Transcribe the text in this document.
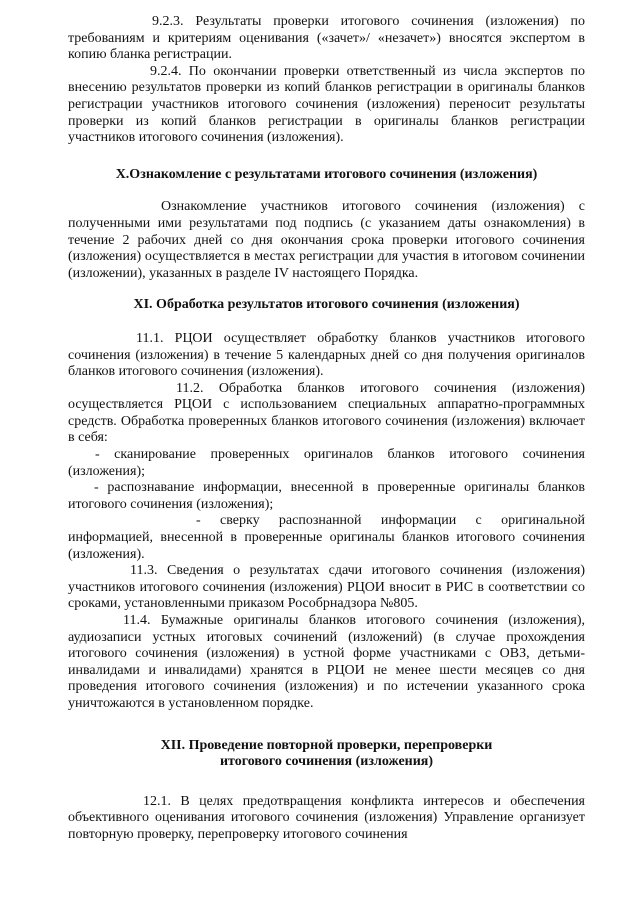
9.2.3. Результаты проверки итогового сочинения (изложения) по требованиям и критериям оценивания («зачет»/ «незачет») вносятся экспертом в копию бланка регистрации.

9.2.4. По окончании проверки ответственный из числа экспертов по внесению результатов проверки из копий бланков регистрации в оригиналы бланков регистрации участников итогового сочинения (изложения) переносит результаты проверки из копий бланков регистрации в оригиналы бланков регистрации участников итогового сочинения (изложения).

X.Ознакомление с результатами итогового сочинения (изложения)

Ознакомление участников итогового сочинения (изложения) с полученными ими результатами под подпись (с указанием даты ознакомления) в течение 2 рабочих дней со дня окончания срока проверки итогового сочинения (изложения) осуществляется в местах регистрации для участия в итоговом сочинении (изложении), указанных в разделе IV настоящего Порядка.

XI. Обработка результатов итогового сочинения (изложения)

11.1. РЦОИ осуществляет обработку бланков участников итогового сочинения (изложения) в течение 5 календарных дней со дня получения оригиналов бланков итогового сочинения (изложения).

11.2. Обработка бланков итогового сочинения (изложения) осуществляется РЦОИ с использованием специальных аппаратно-программных средств. Обработка проверенных бланков итогового сочинения (изложения) включает в себя:

- сканирование проверенных оригиналов бланков итогового сочинения (изложения);

- распознавание информации, внесенной в проверенные оригиналы бланков итогового сочинения (изложения);

- сверку распознанной информации с оригинальной информацией, внесенной в проверенные оригиналы бланков итогового сочинения (изложения).

11.3. Сведения о результатах сдачи итогового сочинения (изложения) участников итогового сочинения (изложения) РЦОИ вносит в РИС в соответствии со сроками, установленными приказом Рособрнадзора №805.

11.4. Бумажные оригиналы бланков итогового сочинения (изложения), аудиозаписи устных итоговых сочинений (изложений) (в случае прохождения итогового сочинения (изложения) в устной форме участниками с ОВЗ, детьми-инвалидами и инвалидами) хранятся в РЦОИ не менее шести месяцев со дня проведения итогового сочинения (изложения) и по истечении указанного срока уничтожаются в установленном порядке.

XII. Проведение повторной проверки, перепроверки
итогового сочинения (изложения)

12.1. В целях предотвращения конфликта интересов и обеспечения объективного оценивания итогового сочинения (изложения) Управление организует повторную проверку, перепроверку итогового сочинения
